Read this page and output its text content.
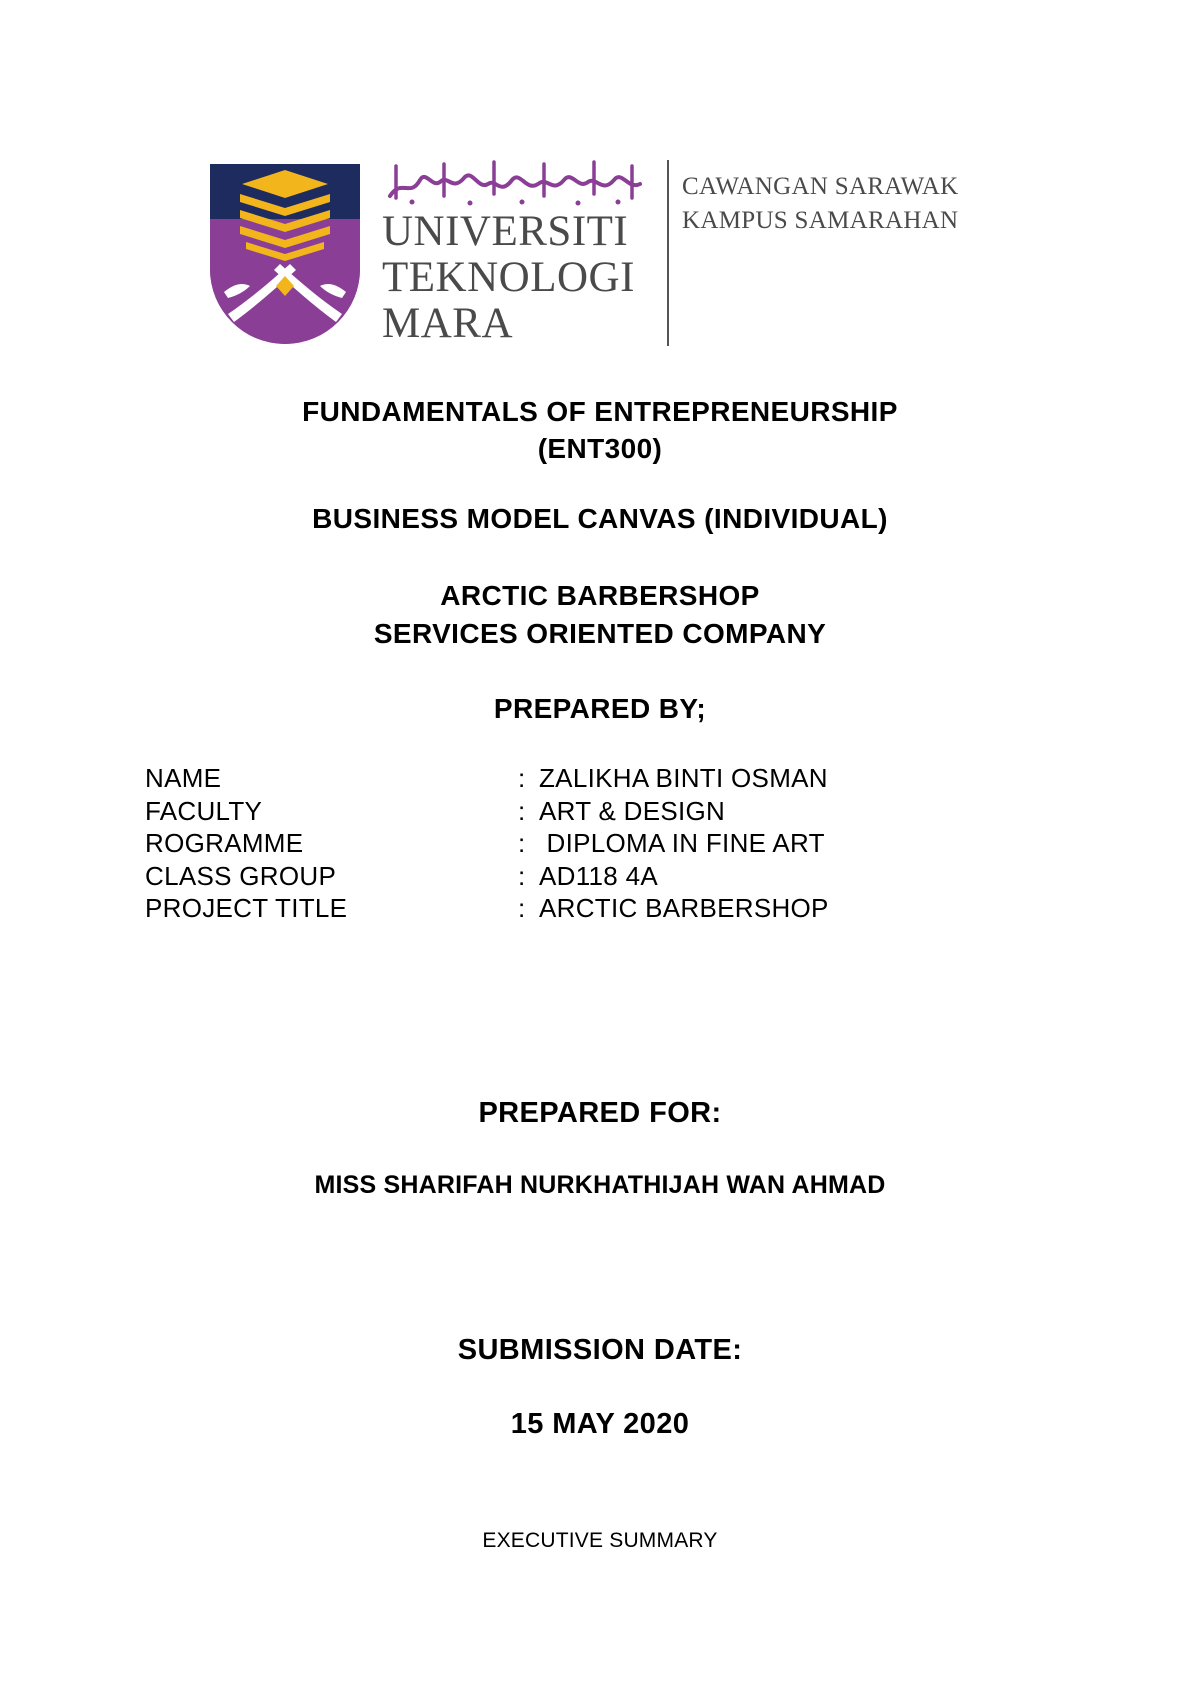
UNIVERSITI
TEKNOLOGI
MARA
CAWANGAN SARAWAK
KAMPUS SAMARAHAN
FUNDAMENTALS OF ENTREPRENEURSHIP
(ENT300)
BUSINESS MODEL CANVAS (INDIVIDUAL)
ARCTIC BARBERSHOP
SERVICES ORIENTED COMPANY
PREPARED BY;
NAME	: ZALIKHA BINTI OSMAN
FACULTY	: ART & DESIGN
ROGRAMME	: DIPLOMA IN FINE ART
CLASS GROUP	: AD118 4A
PROJECT TITLE	: ARCTIC BARBERSHOP
PREPARED FOR:
MISS SHARIFAH NURKHATHIJAH WAN AHMAD
SUBMISSION DATE:
15 MAY 2020
EXECUTIVE SUMMARY
